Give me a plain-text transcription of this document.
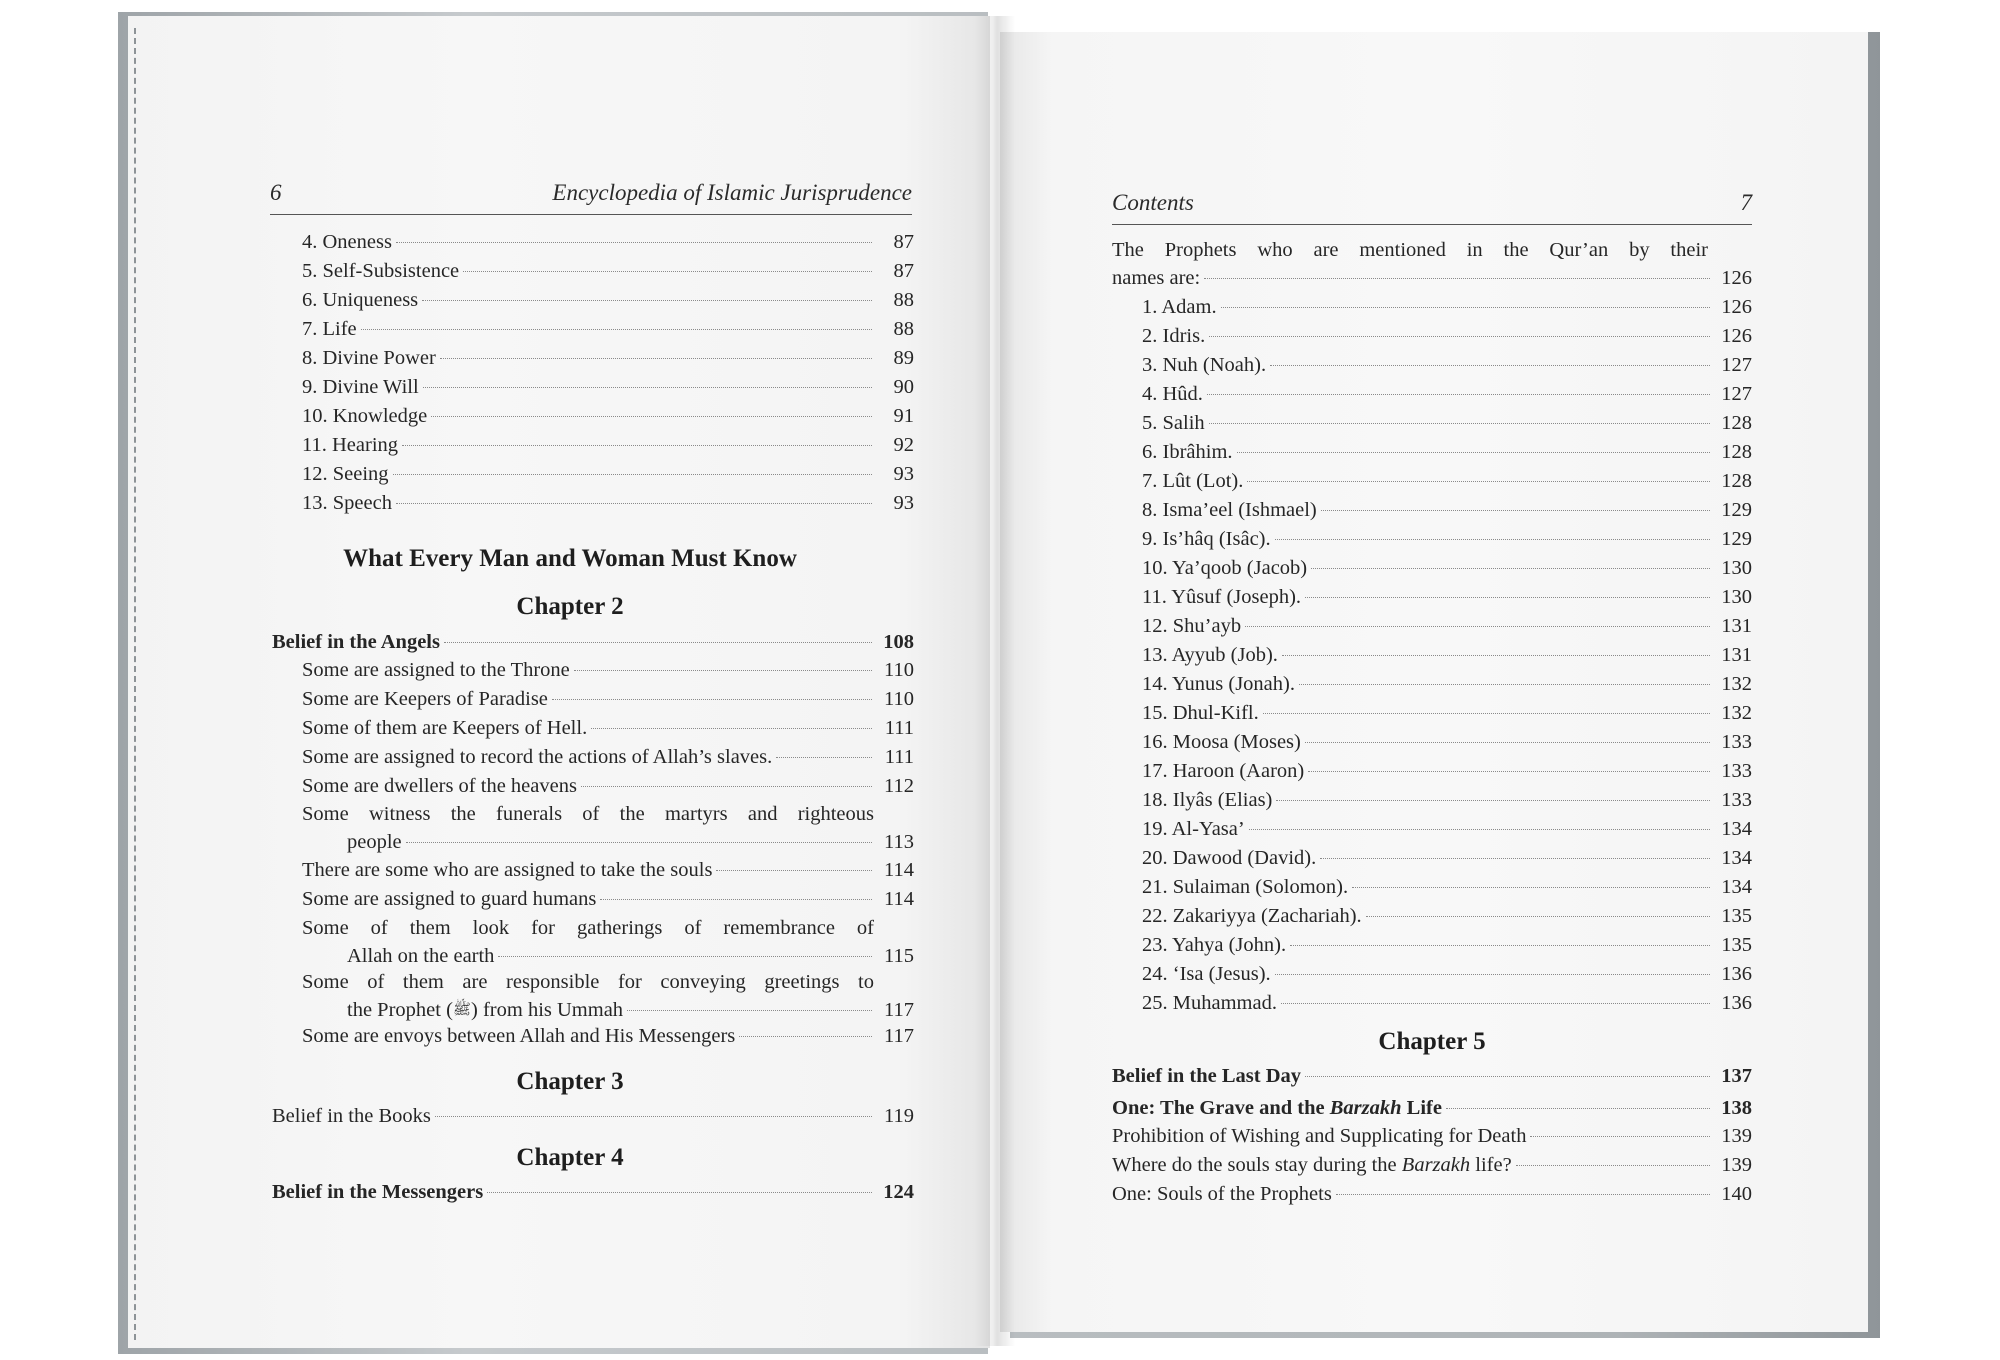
6	Encyclopedia of Islamic Jurisprudence
4. Oneness	87
5. Self-Subsistence	87
6. Uniqueness	88
7. Life	88
8. Divine Power	89
9. Divine Will	90
10. Knowledge	91
11. Hearing	92
12. Seeing	93
13. Speech	93
What Every Man and Woman Must Know
Chapter 2
Belief in the Angels	108
Some are assigned to the Throne	110
Some are Keepers of Paradise	110
Some of them are Keepers of Hell.	111
Some are assigned to record the actions of Allah’s slaves.	111
Some are dwellers of the heavens	112
Some witness the funerals of the martyrs and righteous
people	113
There are some who are assigned to take the souls	114
Some are assigned to guard humans	114
Some of them look for gatherings of remembrance of
Allah on the earth	115
Some of them are responsible for conveying greetings to
the Prophet (ﷺ) from his Ummah	117
Some are envoys between Allah and His Messengers	117
Chapter 3
Belief in the Books	119
Chapter 4
Belief in the Messengers	124
Contents	7
The Prophets who are mentioned in the Qur’an by their
names are:	126
1. Adam.	126
2. Idris.	126
3. Nuh (Noah).	127
4. Hûd.	127
5. Salih	128
6. Ibrâhim.	128
7. Lût (Lot).	128
8. Isma’eel (Ishmael)	129
9. Is’hâq (Isâc).	129
10. Ya’qoob (Jacob)	130
11. Yûsuf (Joseph).	130
12. Shu’ayb	131
13. Ayyub (Job).	131
14. Yunus (Jonah).	132
15. Dhul-Kifl.	132
16. Moosa (Moses)	133
17. Haroon (Aaron)	133
18. Ilyâs (Elias)	133
19. Al-Yasa’	134
20. Dawood (David).	134
21. Sulaiman (Solomon).	134
22. Zakariyya (Zachariah).	135
23. Yahya (John).	135
24. ‘Isa (Jesus).	136
25. Muhammad.	136
Chapter 5
Belief in the Last Day	137
One: The Grave and the Barzakh Life	138
Prohibition of Wishing and Supplicating for Death	139
Where do the souls stay during the Barzakh life?	139
One: Souls of the Prophets	140
